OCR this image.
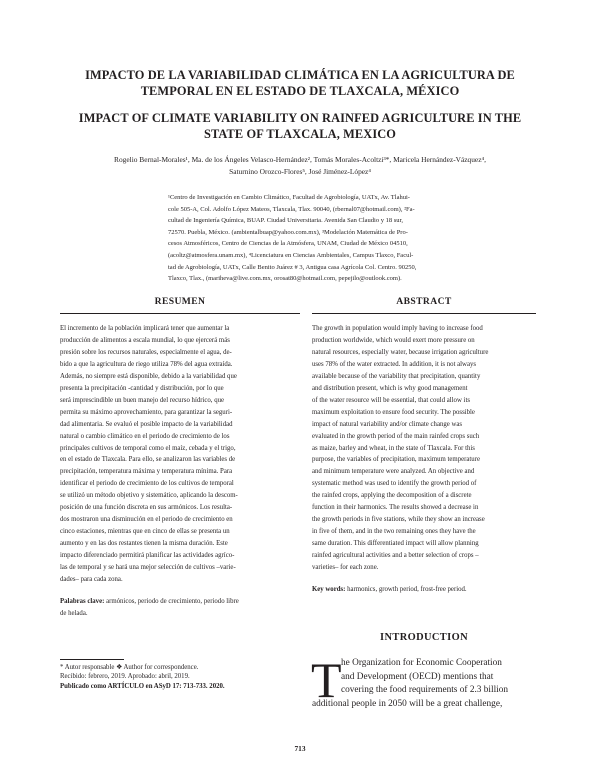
IMPACTO DE LA VARIABILIDAD CLIMÁTICA EN LA AGRICULTURA DE
TEMPORAL EN EL ESTADO DE TLAXCALA, MÉXICO
IMPACT OF CLIMATE VARIABILITY ON RAINFED AGRICULTURE IN THE
STATE OF TLAXCALA, MEXICO
Rogelio Bernal-Morales¹, Ma. de los Ángeles Velasco-Hernández², Tomás Morales-Acoltzi³*, Maricela Hernández-Vázquez⁴,
Saturnino Orozco-Flores⁵, José Jiménez-López⁴
¹Centro de Investigación en Cambio Climático, Facultad de Agrobiología, UATx, Av. Tlahui-
cole 505-A, Col. Adolfo López Mateos, Tlaxcala, Tlax. 90040, (rbernal07@hotmail.com), ²Fa-
cultad de Ingeniería Química, BUAP. Ciudad Universitaria. Avenida San Claudio y 18 sur,
72570. Puebla, México. (ambientalbuap@yahoo.com.mx), ³Modelación Matemática de Pro-
cesos Atmosféricos, Centro de Ciencias de la Atmósfera, UNAM, Ciudad de México 04510,
(acoltz@atmosfera.unam.mx), ⁴Licenciatura en Ciencias Ambientales, Campus Tlaxco, Facul-
tad de Agrobiología, UATx, Calle Benito Juárez # 3, Antigua casa Agrícola Col. Centro. 90250,
Tlaxco, Tlax., (mariheva@live.com.mx, orosat80@hotmail.com, pepejilo@outlook.com).
RESUMEN	ABSTRACT

El incremento de la población implicará tener que aumentar la

producción de alimentos a escala mundial, lo que ejercerá más

presión sobre los recursos naturales, especialmente el agua, de-

bido a que la agricultura de riego utiliza 78% del agua extraída.

Además, no siempre está disponible, debido a la variabilidad que

presenta la precipitación -cantidad y distribución, por lo que

será imprescindible un buen manejo del recurso hídrico, que

permita su máximo aprovechamiento, para garantizar la seguri-

dad alimentaria. Se evaluó el posible impacto de la variabilidad

natural o cambio climático en el periodo de crecimiento de los

principales cultivos de temporal como el maíz, cebada y el trigo,

en el estado de Tlaxcala. Para ello, se analizaron las variables de

precipitación, temperatura máxima y temperatura mínima. Para

identificar el periodo de crecimiento de los cultivos de temporal

se utilizó un método objetivo y sistemático, aplicando la descom-

posición de una función discreta en sus armónicos. Los resulta-

dos mostraron una disminución en el periodo de crecimiento en

cinco estaciones, mientras que en cinco de ellas se presenta un

aumento y en las dos restantes tienen la misma duración. Este

impacto diferenciado permitirá planificar las actividades agríco-

las de temporal y se hará una mejor selección de cultivos –varie-

dades– para cada zona.

Palabras clave: armónicos, periodo de crecimiento, periodo libre

de helada.

The growth in population would imply having to increase food

production worldwide, which would exert more pressure on

natural resources, especially water, because irrigation agriculture

uses 78% of the water extracted. In addition, it is not always

available because of the variability that precipitation, quantity

and distribution present, which is why good management

of the water resource will be essential, that could allow its

maximum exploitation to ensure food security. The possible

impact of natural variability and/or climate change was

evaluated in the growth period of the main rainfed crops such

as maize, barley and wheat, in the state of Tlaxcala. For this

purpose, the variables of precipitation, maximum temperature

and minimum temperature were analyzed. An objective and

systematic method was used to identify the growth period of

the rainfed crops, applying the decomposition of a discrete

function in their harmonics. The results showed a decrease in

the growth periods in five stations, while they show an increase

in five of them, and in the two remaining ones they have the

same duration. This differentiated impact will allow planning

rainfed agricultural activities and a better selection of crops –

varieties– for each zone.

Key words: harmonics, growth period, frost-free period.

INTRODUCTION
T he Organization for Economic Cooperation
and Development (OECD) mentions that
covering the food requirements of 2.3 billion
additional people in 2050 will be a great challenge,
* Autor responsable ❖ Author for correspondence.
Recibido: febrero, 2019. Aprobado: abril, 2019.
Publicado como ARTÍCULO en ASyD 17: 713-733. 2020.
713
